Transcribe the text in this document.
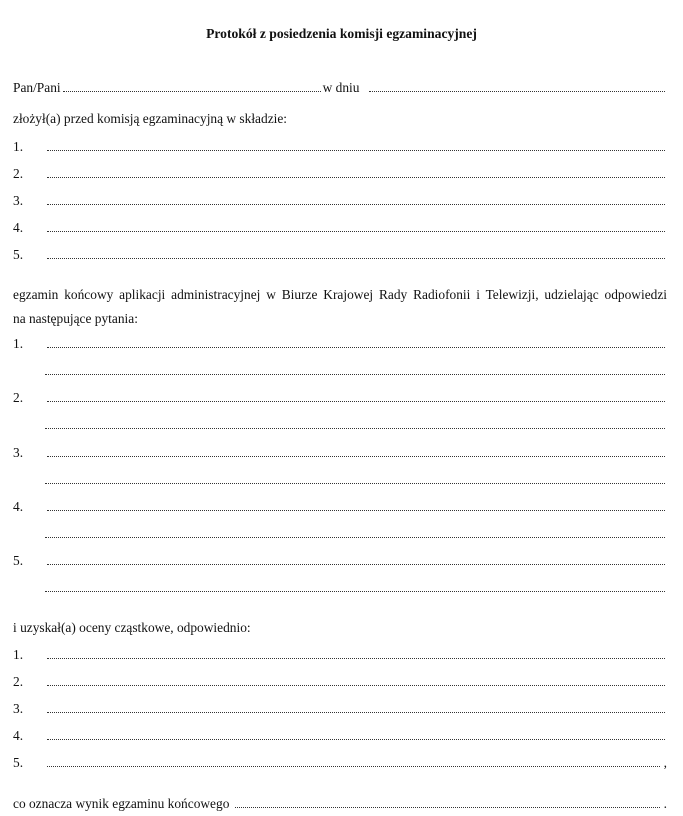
Protokół z posiedzenia komisji egzaminacyjnej
Pan/Pani	w dniu
złożył(a) przed komisją egzaminacyjną w składzie:
1.
2.
3.
4.
5.
egzamin końcowy aplikacji administracyjnej w Biurze Krajowej Rady Radiofonii i Telewizji, udzielając odpowiedzi
na następujące pytania:
1.
2.
3.
4.
5.
i uzyskał(a) oceny cząstkowe, odpowiednio:
1.
2.
3.
4.
5.	,
co oznacza wynik egzaminu końcowego	.
